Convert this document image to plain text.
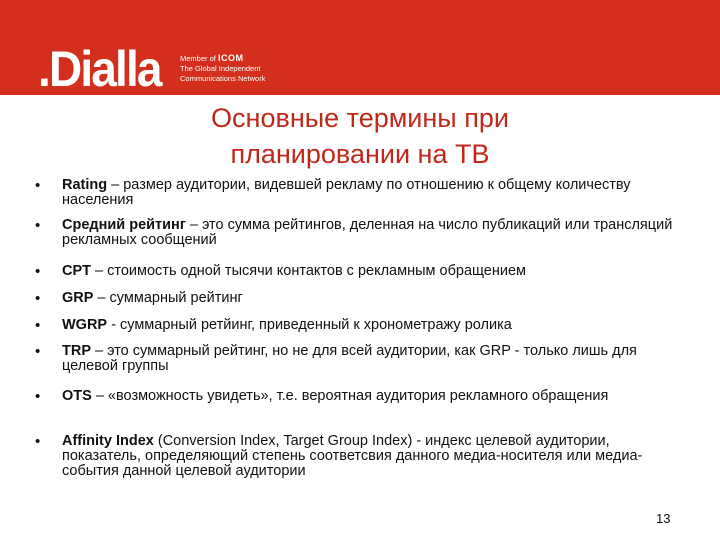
.Dialla	Member of ICOM
The Global Independent
Communications Network
Основные термины при
планировании на ТВ
• Rating – размер аудитории, видевшей рекламу по отношению к общему количеству населения
• Средний рейтинг – это сумма рейтингов, деленная на число публикаций или трансляций рекламных сообщений
• CPT – стоимость одной тысячи контактов с рекламным обращением
• GRP – суммарный рейтинг
• WGRP - суммарный ретйинг, приведенный к хронометражу ролика
• TRP – это суммарный рейтинг, но не для всей аудитории, как GRP - только лишь для целевой группы
• OTS – «возможность увидеть», т.е. вероятная аудитория рекламного обращения
• Affinity Index (Conversion Index, Target Group Index) - индекс целевой аудитории, показатель, определяющий степень соответсвия данного медиа-носителя или медиа-события данной целевой аудитории
13
